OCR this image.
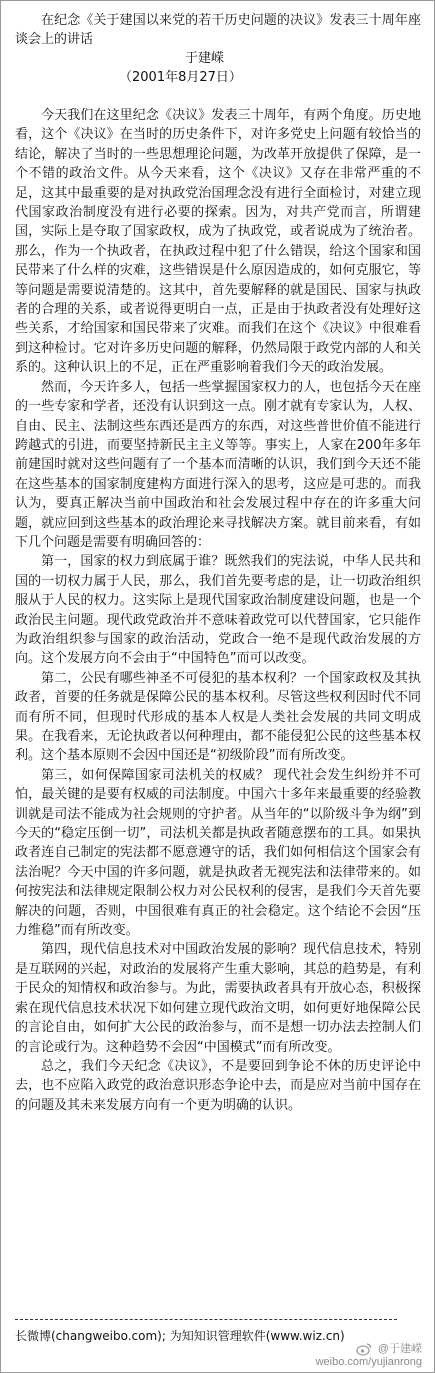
在纪念《关于建国以来党的若干历史问题的决议》发表三十周年座谈会上的讲话

于建嵘

（2001年8月27日）

今天我们在这里纪念《决议》发表三十周年，有两个角度。历史地看，这个《决议》在当时的历史条件下，对许多党史上问题有较恰当的结论，解决了当时的一些思想理论问题，为改革开放提供了保障，是一个不错的政治文件。从今天来看，这个《决议》又存在非常严重的不足，这其中最重要的是对执政党治国理念没有进行全面检讨，对建立现代国家政治制度没有进行必要的探索。因为，对共产党而言，所谓建国，实际上是夺取了国家政权，成为了执政党，或者说成为了统治者。那么，作为一个执政者，在执政过程中犯了什么错误，给这个国家和国民带来了什么样的灾难，这些错误是什么原因造成的，如何克服它，等等问题是需要说清楚的。这其中，首先要解释的就是国民、国家与执政者的合理的关系，或者说得更明白一点，正是由于执政者没有处理好这些关系，才给国家和国民带来了灾难。而我们在这个《决议》中很难看到这种检讨。它对许多历史问题的解释，仍然局限于政党内部的人和关系的。这种认识上的不足，正在严重影响着我们今天的政治发展。

然而，今天许多人，包括一些掌握国家权力的人，也包括今天在座的一些专家和学者，还没有认识到这一点。刚才就有专家认为，人权、自由、民主、法制这些东西还是西方的东西，对这些普世价值不能进行跨越式的引进，而要坚持新民主主义等等。事实上，人家在200年多年前建国时就对这些问题有了一个基本而清晰的认识，我们到今天还不能在这些基本的国家制度建构方面进行深入的思考，这应是可悲的。而我认为，要真正解决当前中国政治和社会发展过程中存在的许多重大问题，就应回到这些基本的政治理论来寻找解决方案。就目前来看，有如下几个问题是需要有明确回答的：

第一，国家的权力到底属于谁？既然我们的宪法说，中华人民共和国的一切权力属于人民，那么，我们首先要考虑的是，让一切政治组织服从于人民的权力。这实际上是现代国家政治制度建设问题，也是一个政治民主问题。现代政党政治并不意味着政党可以代替国家，它只能作为政治组织参与国家的政治活动，党政合一绝不是现代政治发展的方向。这个发展方向不会由于“中国特色”而可以改变。

第二，公民有哪些神圣不可侵犯的基本权利？一个国家政权及其执政者，首要的任务就是保障公民的基本权利。尽管这些权利因时代不同而有所不同，但现时代形成的基本人权是人类社会发展的共同文明成果。在我看来，无论执政者以何种理由，都不能侵犯公民的这些基本权利。这个基本原则不会因中国还是“初级阶段”而有所改变。

第三，如何保障国家司法机关的权威？ 现代社会发生纠纷并不可怕，最关键的是要有权威的司法制度。中国六十多年来最重要的经验教训就是司法不能成为社会规则的守护者。从当年的“以阶级斗争为纲”到今天的“稳定压倒一切”，司法机关都是执政者随意摆布的工具。如果执政者连自己制定的宪法都不愿意遵守的话，我们如何相信这个国家会有法治呢？今天中国的许多问题，就是执政者无视宪法和法律带来的。如何按宪法和法律规定限制公权力对公民权利的侵害，是我们今天首先要解决的问题，否则，中国很难有真正的社会稳定。这个结论不会因“压力维稳”而有所改变。

第四，现代信息技术对中国政治发展的影响？现代信息技术，特别是互联网的兴起，对政治的发展将产生重大影响，其总的趋势是，有利于民众的知情权和政治参与。为此，需要执政者具有开放心态，积极探索在现代信息技术状况下如何建立现代政治文明，如何更好地保障公民的言论自由，如何扩大公民的政治参与，而不是想一切办法去控制人们的言论或行为。这种趋势不会因“中国模式”而有所改变。

总之，我们今天纪念《决议》，不是要回到争论不休的历史评论中去，也不应陷入政党的政治意识形态争论中去，而是应对当前中国存在的问题及其未来发展方向有一个更为明确的认识。

长微博(changweibo.com); 为知知识管理软件(www.wiz.cn)
@于建嵘
weibo.com/yujianrong
